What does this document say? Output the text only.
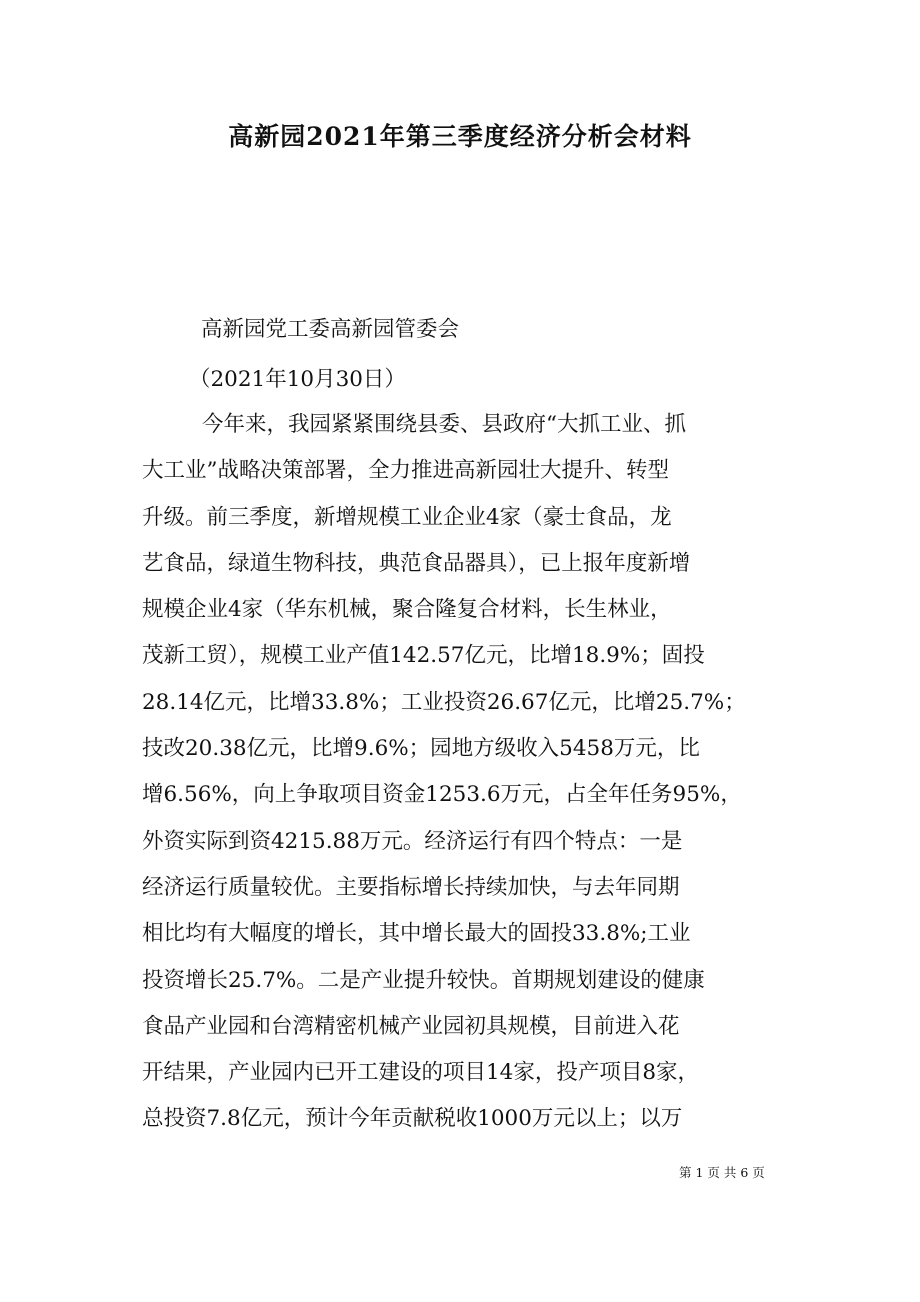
高新园2021年第三季度经济分析会材料
高新园党工委高新园管委会
（2021年10月30日）
今年来，我园紧紧围绕县委、县政府“大抓工业、抓
大工业”战略决策部署，全力推进高新园壮大提升、转型
升级。前三季度，新增规模工业企业4家（豪士食品，龙
艺食品，绿道生物科技，典范食品器具），已上报年度新增
规模企业4家（华东机械，聚合隆复合材料，长生林业，
茂新工贸），规模工业产值142.57亿元，比增18.9%；固投
28.14亿元，比增33.8%；工业投资26.67亿元，比增25.7%；
技改20.38亿元，比增9.6%；园地方级收入5458万元，比
增6.56%，向上争取项目资金1253.6万元，占全年任务95%，
外资实际到资4215.88万元。经济运行有四个特点：一是
经济运行质量较优。主要指标增长持续加快，与去年同期
相比均有大幅度的增长，其中增长最大的固投33.8%;工业
投资增长25.7%。二是产业提升较快。首期规划建设的健康
食品产业园和台湾精密机械产业园初具规模，目前进入花
开结果，产业园内已开工建设的项目14家，投产项目8家，
总投资7.8亿元，预计今年贡献税收1000万元以上；以万
第 1 页 共 6 页
